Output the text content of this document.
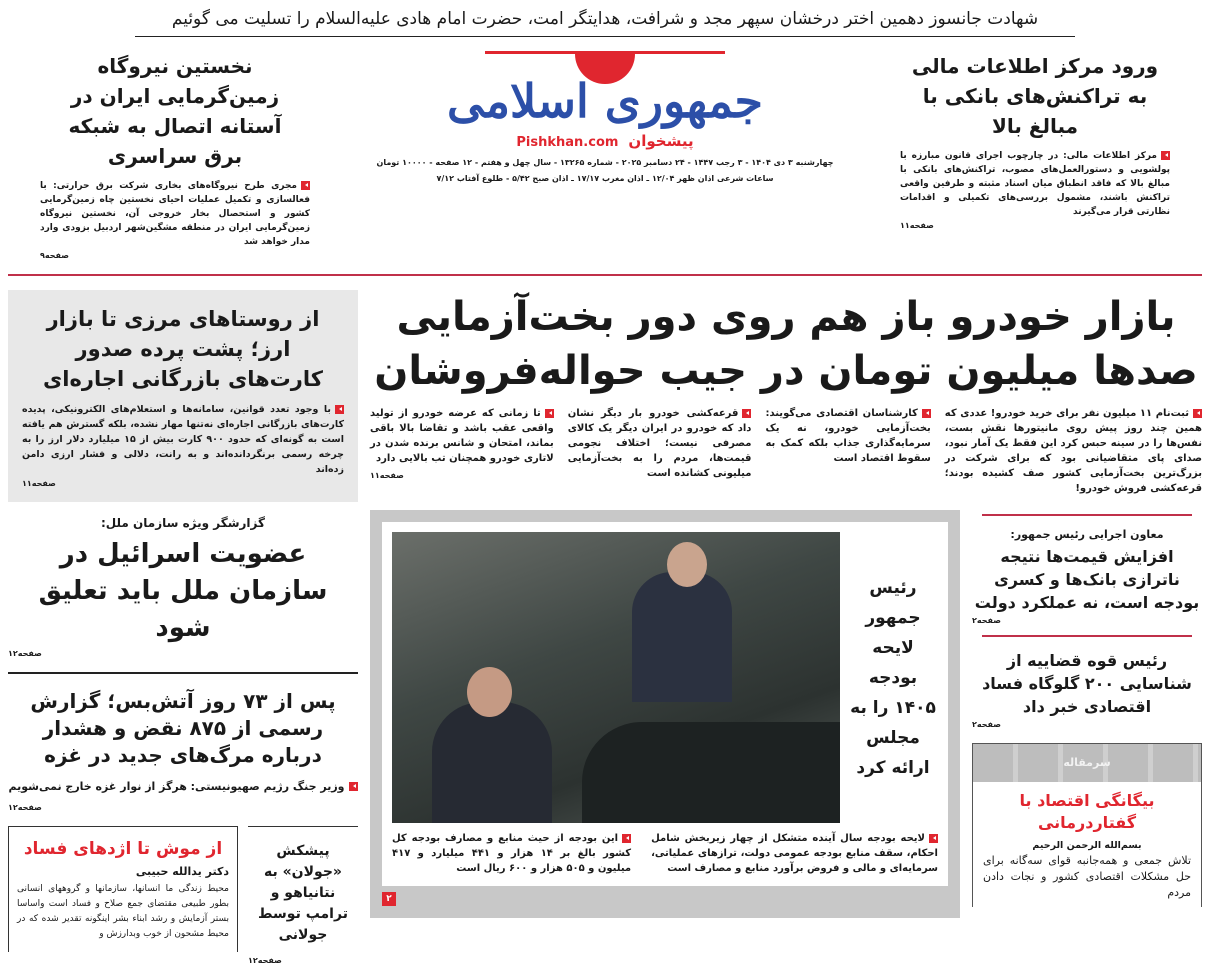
شهادت جانسوز دهمین اختر درخشان سپهر مجد و شرافت، هدایتگر امت، حضرت امام هادی علیه‌السلام را تسلیت می گوئیم
ورود مرکز اطلاعات مالی به تراکنش‌های بانکی با مبالغ بالا

مرکز اطلاعات مالی: در چارچوب اجرای قانون مبارزه با پولشویی و دستورالعمل‌های مصوب، تراکنش‌های بانکی با مبالغ بالا که فاقد انطباق میان اسناد مثبته و طرفین واقعی تراکنش باشند، مشمول بررسی‌های تکمیلی و اقدامات نظارتی قرار می‌گیرند

صفحه۱۱
جمهوری اسلامی
پیشخوان
Pishkhan.com
چهارشنبه ۳ دی ۱۴۰۴ - ۳ رجب ۱۴۴۷ - ۲۴ دسامبر ۲۰۲۵ - شماره ۱۳۲۶۵ - سال چهل و هفتم - ۱۲ صفحه - ۱۰۰۰۰ تومان
ساعات شرعی اذان ظهر ۱۲/۰۴ ـ اذان مغرب ۱۷/۱۷ ـ اذان صبح ۵/۴۲ - طلوع آفتاب ۷/۱۲
نخستین نیروگاه زمین‌گرمایی ایران در آستانه اتصال به شبکه برق سراسری

مجری طرح نیروگاه‌های بخاری شرکت برق حرارتی: با فعالسازی و تکمیل عملیات احیای نخستین چاه زمین‌گرمایی کشور و استحصال بخار خروجی آن، نخستین نیروگاه زمین‌گرمایی ایران در منطقه مشگین‌شهر اردبیل بزودی وارد مدار خواهد شد

صفحه۹
بازار خودرو باز هم روی دور بخت‌آزمایی
صدها میلیون تومان در جیب حواله‌فروشان

ثبت‌نام ۱۱ میلیون نفر برای خرید خودرو! عددی که همین چند روز پیش روی مانیتورها نقش بست، نفس‌ها را در سینه حبس کرد این فقط یک آمار نبود، صدای پای متقاضیانی بود که برای شرکت در بزرگ‌ترین بخت‌آزمایی کشور صف کشیده بودند؛ قرعه‌کشی فروش خودرو!

کارشناسان اقتصادی می‌گویند: بخت‌آزمایی خودرو، نه یک سرمایه‌گذاری جذاب بلکه کمک به سقوط اقتصاد است

قرعه‌کشی خودرو بار دیگر نشان داد که خودرو در ایران دیگر یک کالای مصرفی نیست؛ اختلاف نجومی قیمت‌ها، مردم را به بخت‌آزمایی میلیونی کشانده است

تا زمانی که عرضه خودرو از تولید واقعی عقب باشد و تقاضا بالا باقی بماند، امتحان و شانس برنده شدن در لاتاری خودرو همچنان تب بالایی دارد
صفحه۱۱

معاون اجرایی رئیس جمهور:
افزایش قیمت‌ها نتیجه ناترازی بانک‌ها و کسری بودجه است، نه عملکرد دولت
صفحه۲
رئیس قوه قضاییه از شناسایی ۲۰۰ گلوگاه فساد اقتصادی خبر داد
صفحه۲
سرمقاله
بیگانگی اقتصاد با گفتاردرمانی
بسم‌الله الرحمن الرحیم

تلاش جمعی و همه‌جانبه قوای سه‌گانه برای حل مشکلات اقتصادی کشور و نجات دادن مردم

رئیس جمهور لایحه بودجه ۱۴۰۵ را به مجلس ارائه کرد

لایحه بودجه سال آینده متشکل از چهار زیربخش شامل احکام، سقف منابع بودجه عمومی دولت، ترازهای عملیاتی، سرمایه‌ای و مالی و فروض برآورد منابع و مصارف است

این بودجه از حیث منابع و مصارف بودجه کل کشور بالغ بر ۱۴ هزار و ۴۴۱ میلیارد و ۴۱۷ میلیون و ۵۰۵ هزار و ۶۰۰ ریال است

۲
از روستاهای مرزی تا بازار ارز؛ پشت پرده صدور کارت‌های بازرگانی اجاره‌ای

با وجود تعدد قوانین، سامانه‌ها و استعلام‌های الکترونیکی، پدیده کارت‌های بازرگانی اجاره‌ای نه‌تنها مهار نشده، بلکه گسترش هم یافته است به گونه‌ای که حدود ۹۰۰ کارت بیش از ۱۵ میلیارد دلار ارز را به چرخه رسمی برنگردانده‌اند و به رانت، دلالی و فشار ارزی دامن زده‌اند

صفحه۱۱
گزارشگر ویژه سازمان ملل:
عضویت اسرائیل در سازمان ملل باید تعلیق شود
صفحه۱۲
پس از ۷۳ روز آتش‌بس؛ گزارش رسمی از ۸۷۵ نقض و هشدار درباره مرگ‌های جدید در غزه

وزیر جنگ رژیم صهیونیستی: هرگز از نوار غزه خارج نمی‌شویم

صفحه۱۲
پیشکش «جولان» به نتانیاهو و ترامپ توسط جولانی
صفحه۱۲
از موش تا اژدهای فساد
دکتر یدالله حبیبی

محیط زندگی ما انسانها، سازمانها و گروههای انسانی بطور طبیعی مقتضای جمع صلاح و فساد است واساسا بستر آزمایش و رشد ابناء بشر اینگونه تقدیر شده که در محیط مشحون از خوب وبدارزش و
